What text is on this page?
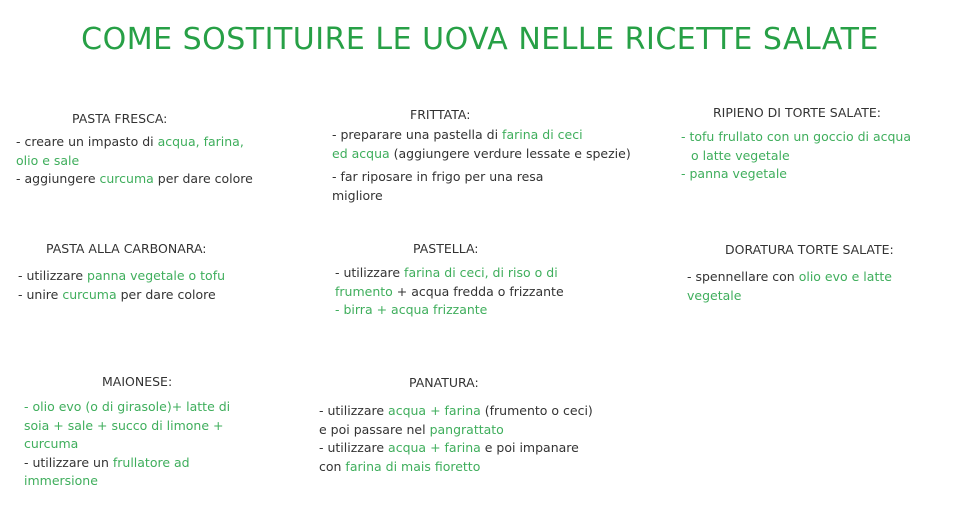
COME SOSTITUIRE LE UOVA NELLE RICETTE SALATE
PASTA FRESCA:
- creare un impasto di acqua, farina,
olio e sale
- aggiungere curcuma per dare colore
FRITTATA:
- preparare una pastella di farina di ceci
ed acqua (aggiungere verdure lessate e spezie)
- far riposare in frigo per una resa
migliore
RIPIENO DI TORTE SALATE:
- tofu frullato con un goccio di acqua
o latte vegetale
- panna vegetale
PASTA ALLA CARBONARA:
- utilizzare panna vegetale o tofu
- unire curcuma per dare colore
PASTELLA:
- utilizzare farina di ceci, di riso o di
frumento + acqua fredda o frizzante
- birra + acqua frizzante
DORATURA TORTE SALATE:
- spennellare con olio evo e latte
vegetale
MAIONESE:
- olio evo (o di girasole)+ latte di
soia + sale + succo di limone +
curcuma
- utilizzare un frullatore ad
immersione
PANATURA:
- utilizzare acqua + farina (frumento o ceci)
e poi passare nel pangrattato
- utilizzare acqua + farina e poi impanare
con farina di mais fioretto
